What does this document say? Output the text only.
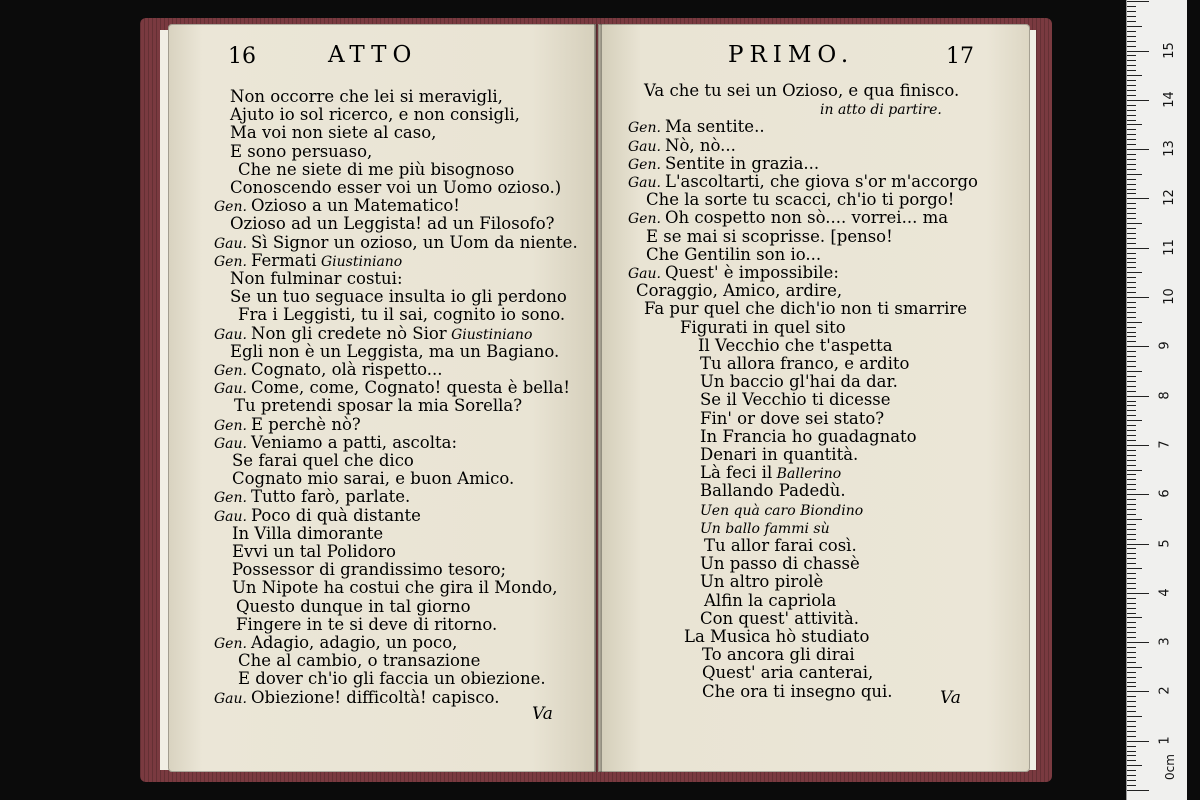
16	ATTO	PRIMO.	17
Non occorre che lei si meravigli,
Ajuto io sol ricerco, e non consigli,
Ma voi non siete al caso,
E sono persuaso,
Che ne siete di me più bisognoso
Conoscendo esser voi un Uomo ozioso.)
Gen. Ozioso a un Matematico!
Ozioso ad un Leggista! ad un Filosofo?
Gau. Sì Signor un ozioso, un Uom da niente.
Gen. Fermati Giustiniano
Non fulminar costui:
Se un tuo seguace insulta io gli perdono
Fra i Leggisti, tu il sai, cognito io sono.
Gau. Non gli credete nò Sior Giustiniano
Egli non è un Leggista, ma un Bagiano.
Gen. Cognato, olà rispetto...
Gau. Come, come, Cognato! questa è bella!
Tu pretendi sposar la mia Sorella?
Gen. E perchè nò?
Gau. Veniamo a patti, ascolta:
Se farai quel che dico
Cognato mio sarai, e buon Amico.
Gen. Tutto farò, parlate.
Gau. Poco di quà distante
In Villa dimorante
Evvi un tal Polidoro
Possessor di grandissimo tesoro;
Un Nipote ha costui che gira il Mondo,
Questo dunque in tal giorno
Fingere in te si deve di ritorno.
Gen. Adagio, adagio, un poco,
Che al cambio, o transazione
E dover ch'io gli faccia un obiezione.
Gau. Obiezione! difficoltà! capisco.
Va che tu sei un Ozioso, e qua finisco.
in atto di partire.
Gen. Ma sentite..
Gau. Nò, nò...
Gen. Sentite in grazia...
Gau. L'ascoltarti, che giova s'or m'accorgo
Che la sorte tu scacci, ch'io ti porgo!
Gen. Oh cospetto non sò.... vorrei... ma
E se mai si scoprisse. [penso!
Che Gentilin son io...
Gau. Quest' è impossibile:
Coraggio, Amico, ardire,
Fa pur quel che dich'io non ti smarrire
Figurati in quel sito
Il Vecchio che t'aspetta
Tu allora franco, e ardito
Un baccio gl'hai da dar.
Se il Vecchio ti dicesse
Fin' or dove sei stato?
In Francia ho guadagnato
Denari in quantità.
Là feci il Ballerino
Ballando Padedù.
Uen quà caro Biondino
Un ballo fammi sù
Tu allor farai così.
Un passo di chassè
Un altro pirolè
Alfin la capriola
Con quest' attività.
La Musica hò studiato
To ancora gli dirai
Quest' aria canterai,
Che ora ti insegno qui.
Va
Va
0cm
1
2
3
4
5
6
7
8
9
10
11
12
13
14
15
